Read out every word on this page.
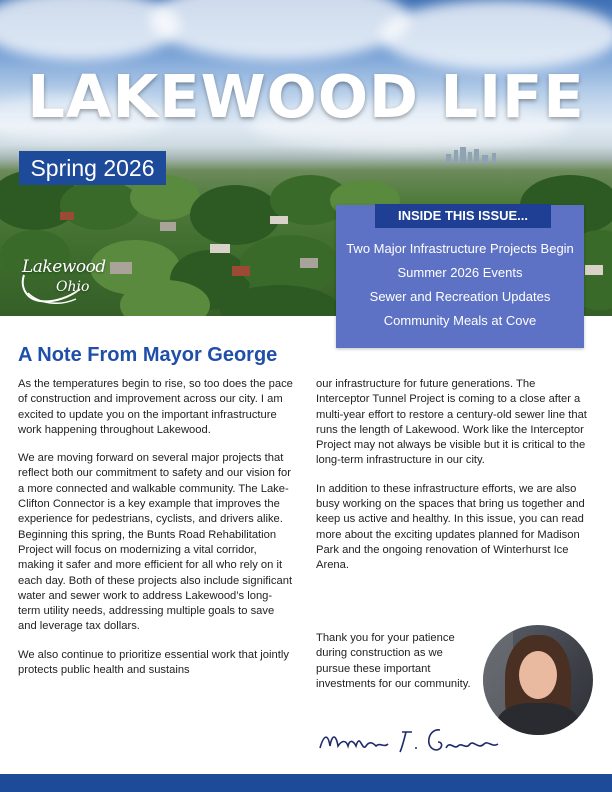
LAKEWOOD LIFE
Spring 2026
Lakewood
Ohio
INSIDE THIS ISSUE...
Two Major Infrastructure Projects Begin
Summer 2026 Events
Sewer and Recreation Updates
Community Meals at Cove
A Note From Mayor George

As the temperatures begin to rise, so too does the pace of construction and improvement across our city. I am excited to update you on the important infrastructure work happening throughout Lakewood.

We are moving forward on several major projects that reflect both our commitment to safety and our vision for a more connected and walkable community. The Lake-Clifton Connector is a key example that improves the experience for pedestrians, cyclists, and drivers alike. Beginning this spring, the Bunts Road Rehabilitation Project will focus on modernizing a vital corridor, making it safer and more efficient for all who rely on it each day. Both of these projects also include significant water and sewer work to address Lakewood’s long-term utility needs, addressing multiple goals to save and leverage tax dollars.

We also continue to prioritize essential work that jointly protects public health and sustains

our infrastructure for future generations. The Interceptor Tunnel Project is coming to a close after a multi-year effort to restore a century-old sewer line that runs the length of Lakewood. Work like the Interceptor Project may not always be visible but it is critical to the long-term infrastructure in our city.

In addition to these infrastructure efforts, we are also busy working on the spaces that bring us together and keep us active and healthy. In this issue, you can read more about the exciting updates planned for Madison Park and the ongoing renovation of Winterhurst Ice Arena.

Thank you for your patience during construction as we pursue these important investments for our community.
